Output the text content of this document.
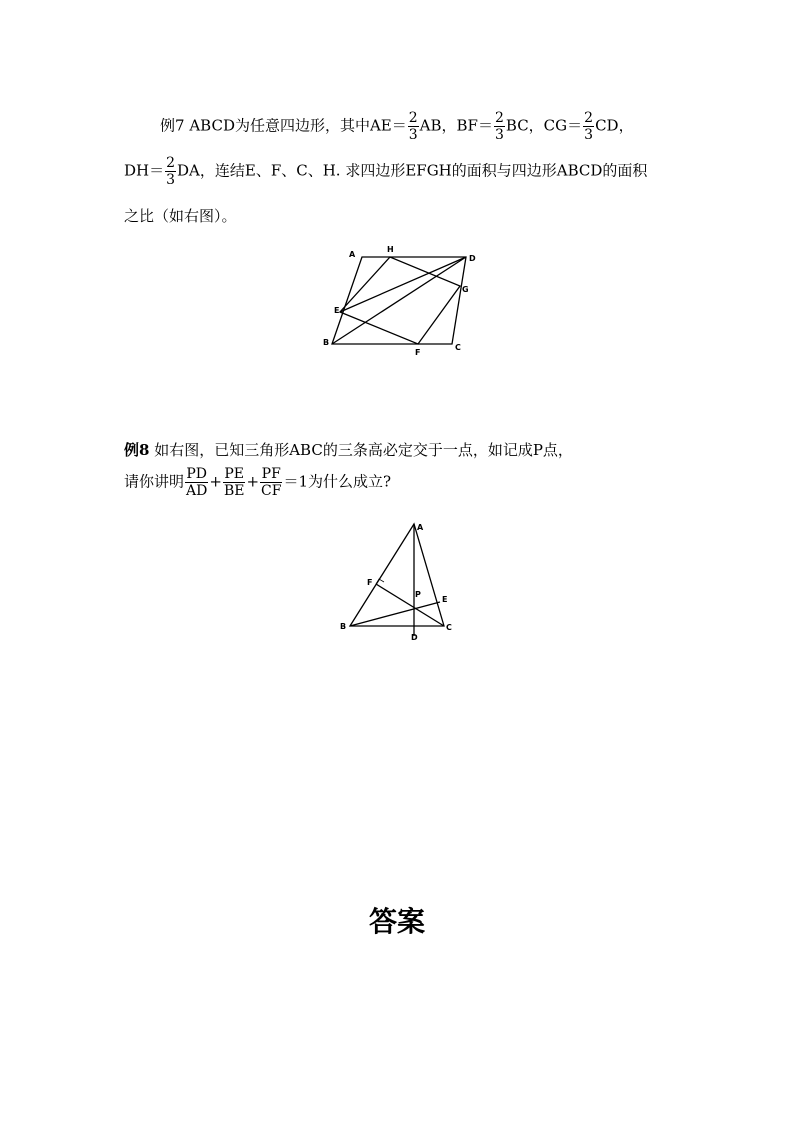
例7 ABCD为任意四边形，其中$AE= \frac{2}{3}$ AB，$BF= \frac{2}{3}$ BC，$CG= \frac{2}{3}$ CD，
$DH= \frac{2}{3}$ DA，连结E、F、C、H. 求四边形EFGH的面积与四边形ABCD的面积
之比（如右图）。
A
H
D
G
E
B
F
C
例8 如右图，已知三角形ABC的三条高必定交于一点，如记成P点，
请你讲明 $\frac{PD}{AD} + \frac{PE}{BE} + \frac{PF}{CF} =1$为什么成立?
A
F
P
E
B	C
D
答案
